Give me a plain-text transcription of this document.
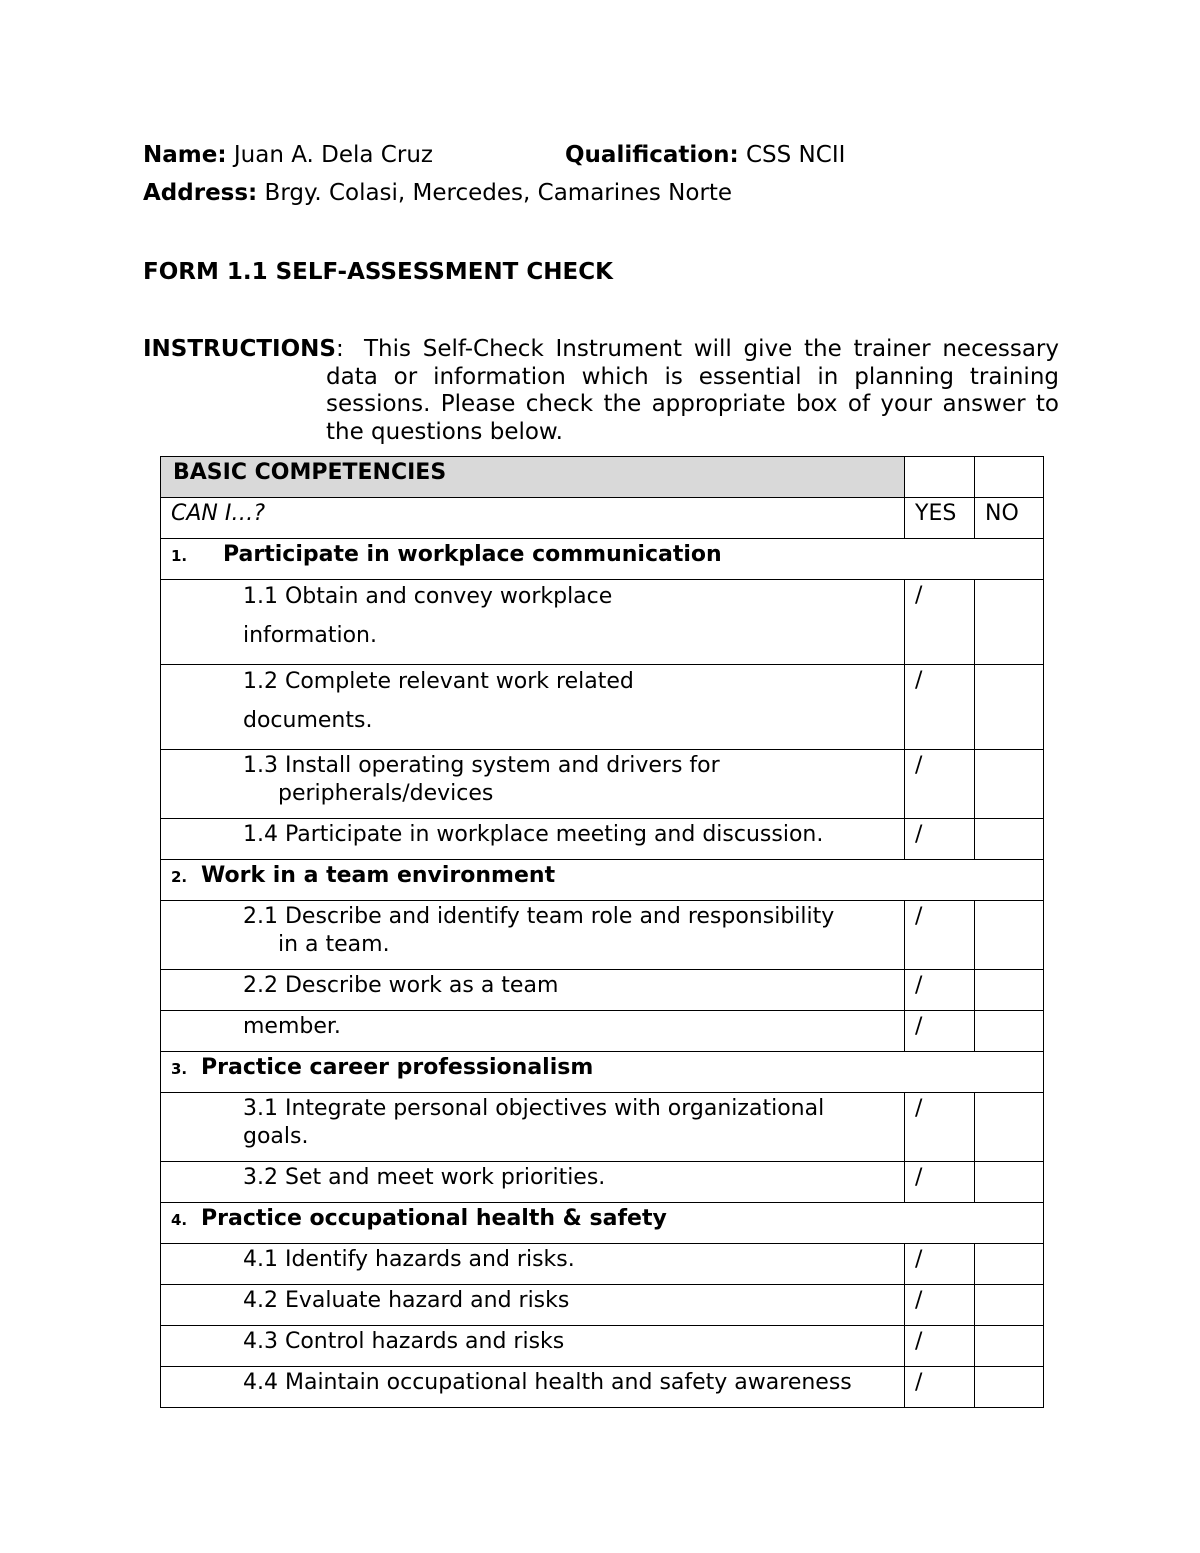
Name: Juan A. Dela Cruz	Qualification: CSS NCII
Address: Brgy. Colasi, Mercedes, Camarines Norte
FORM 1.1 SELF-ASSESSMENT CHECK
INSTRUCTIONS: This Self-Check Instrument will give the trainer necessary
data or information which is essential in planning training sessions. Please check the appropriate box of your answer to the questions below.
BASIC COMPETENCIES		
CAN I…?	YES	NO
1. Participate in workplace communication		

1.1 Obtain and convey workplace
information.	/	

1.2 Complete relevant work related
documents.	/	

1.3 Install operating system and drivers for
peripherals/devices	/	

1.4 Participate in workplace meeting and discussion.	/	
2. Work in a team environment		

2.1 Describe and identify team role and responsibility
in a team.	/	

2.2 Describe work as a team	/	

member.	/	
3. Practice career professionalism		

3.1 Integrate personal objectives with organizational
goals.	/	

3.2 Set and meet work priorities.	/	
4. Practice occupational health & safety		

4.1 Identify hazards and risks.	/	

4.2 Evaluate hazard and risks	/	

4.3 Control hazards and risks	/	

4.4 Maintain occupational health and safety awareness	/	
